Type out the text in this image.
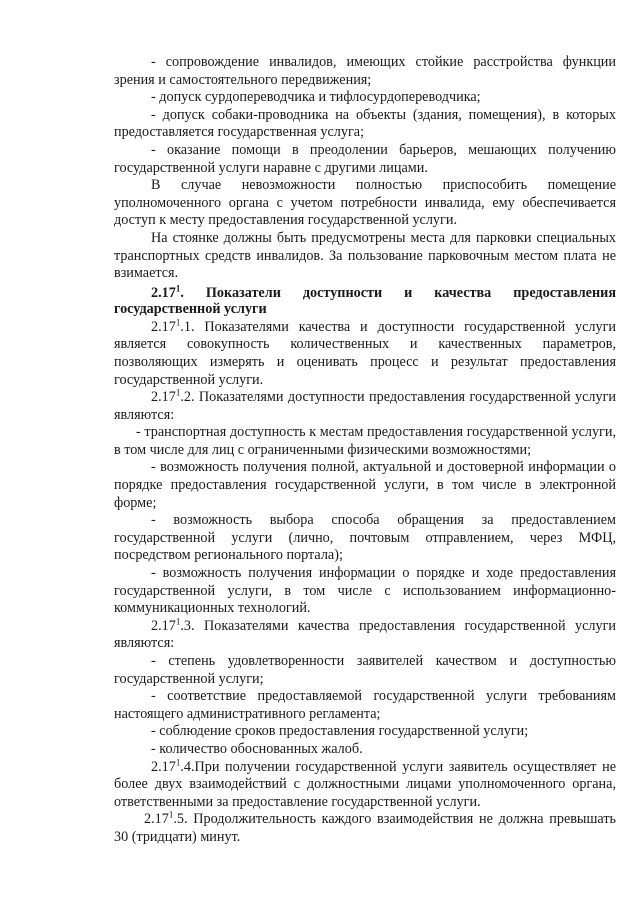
- сопровождение инвалидов, имеющих стойкие расстройства функции зрения и самостоятельного передвижения;

- допуск сурдопереводчика и тифлосурдопереводчика;

- допуск собаки-проводника на объекты (здания, помещения), в которых предоставляется государственная услуга;

- оказание помощи в преодолении барьеров, мешающих получению государственной услуги наравне с другими лицами.

В случае невозможности полностью приспособить помещение уполномоченного органа с учетом потребности инвалида, ему обеспечивается доступ к месту предоставления государственной услуги.

На стоянке должны быть предусмотрены места для парковки специальных транспортных средств инвалидов. За пользование парковочным местом плата не взимается.

2.17$^1$. Показатели доступности и качества предоставления

государственной услуги

2.17$^1$.1. Показателями качества и доступности государственной услуги является совокупность количественных и качественных параметров, позволяющих измерять и оценивать процесс и результат предоставления государственной услуги.

2.17$^1$.2. Показателями доступности предоставления государственной услуги являются:

- транспортная доступность к местам предоставления государственной услуги, в том числе для лиц с ограниченными физическими возможностями;

- возможность получения полной, актуальной и достоверной информации о порядке предоставления государственной услуги, в том числе в электронной форме;

- возможность выбора способа обращения за предоставлением государственной услуги (лично, почтовым отправлением, через МФЦ, посредством регионального портала);

- возможность получения информации о порядке и ходе предоставления государственной услуги, в том числе с использованием информационно-коммуникационных технологий.

2.17$^1$.3. Показателями качества предоставления государственной услуги являются:

- степень удовлетворенности заявителей качеством и доступностью государственной услуги;

- соответствие предоставляемой государственной услуги требованиям настоящего административного регламента;

- соблюдение сроков предоставления государственной услуги;

- количество обоснованных жалоб.

2.17$^1$.4.При получении государственной услуги заявитель осуществляет не более двух взаимодействий с должностными лицами уполномоченного органа, ответственными за предоставление государственной услуги.

2.17$^1$.5. Продолжительность каждого взаимодействия не должна превышать 30 (тридцати) минут.
